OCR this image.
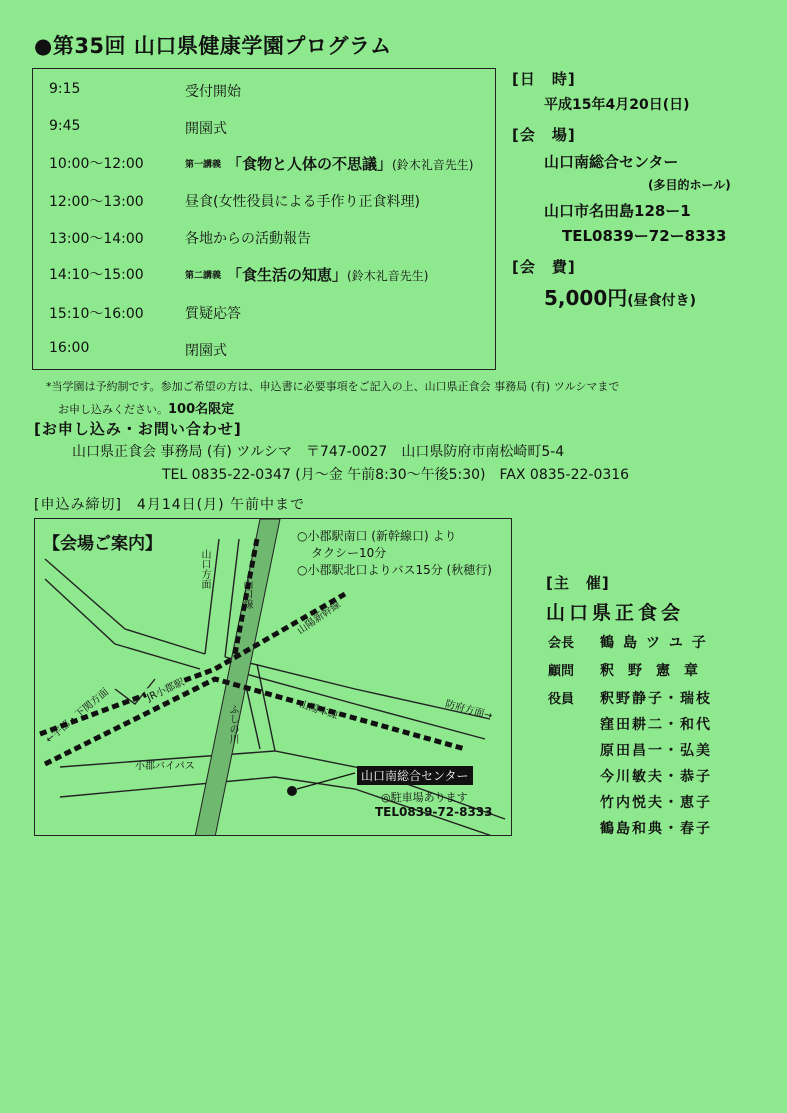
●第35回 山口県健康学園プログラム
9:15	受付開始
9:45	開園式
10:00〜12:00	第一講義 「食物と人体の不思議」(鈴木礼音先生)
12:00〜13:00	昼食(女性役員による手作り正食料理)
13:00〜14:00	各地からの活動報告
14:10〜15:00	第二講義 「食生活の知恵」(鈴木礼音先生)
15:10〜16:00	質疑応答
16:00	閉園式
[日　時]
平成15年4月20日(日)
[会　場]
山口南総合センター
(多目的ホール)
山口市名田島128ー1
TEL0839ー72ー8333
[会　費]
5,000円(昼食付き)
*当学園は予約制です。参加ご希望の方は、申込書に必要事項をご記入の上、山口県正食会 事務局 (有) ツルシマまで
お申し込みください。100名限定
[お申し込み・お問い合わせ]
山口県正食会 事務局 (有) ツルシマ　〒747-0027　山口県防府市南松崎町5-4
TEL 0835-22-0347 (月〜金 午前8:30〜午後5:30)　FAX 0835-22-0316
[申込み締切]　4月14日(月) 午前中まで
【会場ご案内】	○小郡駅南口 (新幹線口) より
タクシー10分
○小郡駅北口よりバス15分 (秋穂行)
山口方面
山口線
山陽新幹線
JR小郡駅
←宇部・下関方面	ふしの川	山陽本線	防府方面→
小郡バイパス
山口南総合センター
◎駐車場あります
TEL0839-72-8333
[主　催]
山口県正食会
会長 鶴島ツユ子
顧問 釈野憲章
役員 釈野静子・瑞枝
窪田耕二・和代
原田昌一・弘美
今川敏夫・恭子
竹内悦夫・恵子
鶴島和典・春子
